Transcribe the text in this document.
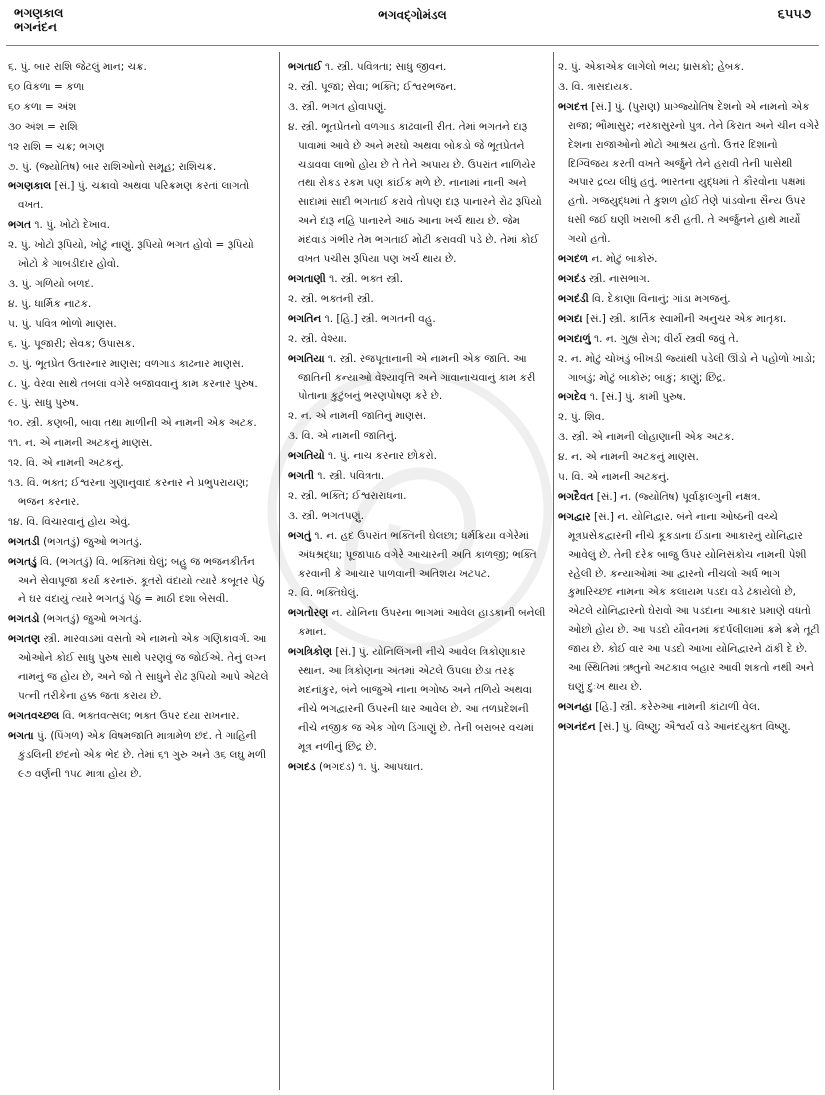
ભગણકાલ
ભગનંદન
ભગવદ્ગોમંડલ	૬૫૫૭
૬. પું. બાર રાશિ જેટલું માન; ચક્ર.
૬૦ વિકળા = કળા
૬૦ કળા = અંશ
૩૦ અંશ = રાશિ
૧૨ રાશિ = ચક્ર; ભગણ
૭. પું. (જ્યોતિષ) બાર રાશિઓનો સમૂહ; રાશિચક્ર.
ભગણકાલ [સં.] પું. ચક્રાવો અથવા પરિક્રમણ કરતાં લાગતો વખત.
ભગત ૧. પું. ખોટો દેખાવ.
૨. પું. ખોટો રૂપિયો, ખોટું નાણું. રૂપિયો ભગત હોવો = રૂપિયો ખોટો કે ગાબડીદાર હોવો.
૩. પું. ગળિયો બળદ.
૪. પું. ધાર્મિક નાટક.
૫. પું. પવિત્ર ભોળો માણસ.
૬. પું. પૂજારી; સેવક; ઉપાસક.
૭. પું. ભૂતપ્રેત ઉતારનાર માણસ; વળગાડ કાઢનાર માણસ.
૮. પું. વેરવા સાથે તબલાં વગેરે બજાવવાનું કામ કરનાર પુરુષ.
૯. પું. સાધુ પુરુષ.
૧૦. સ્ત્રી. કણબી, બાવા તથા માળીની એ નામની એક અટક.
૧૧. ન. એ નામની અટકનું માણસ.
૧૨. વિ. એ નામની અટકનું.
૧૩. વિ. ભક્ત; ઈશ્વરના ગુણાનુવાદ કરનાર ને પ્રભુપરાયણ; ભજન કરનાર.
૧૪. વિ. વિચારવાનું હોય એવું.
ભગતડી (ભગતડું) જુઓ ભગતડું.
ભગતડું વિ. (ભગતડું) વિ. ભક્તિમાં ઘેલું; બહુ જ ભજનકીર્તન અને સેવાપૂજા કર્યા કરનારું. કૂતરો વંદાયો ત્યારે કબૂતર પેઠું ને ઘર વંદાયું ત્યારે ભગતડું પેઠું = માઠી દશા બેસવી.
ભગતડો (ભગતડું) જુઓ ભગતડું.
ભગતણ સ્ત્રી. મારવાડમાં વસતો એ નામનો એક ગણિકાવર્ગ. આ ઓઓને કોઈ સાધુ પુરુષ સાથે પરણવું જ જોઈએ. તેનું લગ્ન નામનું જ હોય છે, અને જો તે સાધુને રોઢ રૂપિયો આપે એટલે પત્ની તરીકેના હક્ક જતા કરાય છે.
ભગતવચ્છલ વિ. ભક્તવત્સલ; ભક્ત ઉપર દયા રાખનાર.
ભગતા પું. (પિંગળ) એક વિષમજાતિ માત્રામેળ છંદ. તે ગાહિની કુંડલિની છંદનો એક ભેદ છે. તેમાં ૬૧ ગુરુ અને ૩૬ લઘુ મળી ૯૭ વર્ણની ૧૫૮ માત્રા હોય છે.
ભગતાઈ ૧. સ્ત્રી. પવિત્રતા; સાધુ જીવન.
૨. સ્ત્રી. પૂજા; સેવા; ભક્તિ; ઈશ્વરભજન.
૩. સ્ત્રી. ભગત હોવાપણું.
૪. સ્ત્રી. ભૂતપ્રેતનો વળગાડ કાઢવાની રીત. તેમાં ભગતને દારૂ પાવામાં આવે છે અને મરઘો અથવા બોકડો જે ભૂતપ્રેતને ચડાવવા લાભો હોય છે તે તેને અપાય છે. ઉપરાંત નાળિયેર તથા રોકડ રકમ પણ કાંઈક મળે છે. નાનામાં નાની અને સાદામાં સાદી ભગતાઈ કરાવે તોપણ દારૂ પાનારને રોઢ રૂપિયો અને દારૂ નહિ પાનારને આઠ આના ખર્ચ થાય છે. જેમ મંદવાડ ગંભીર તેમ ભગતાઈ મોટી કરાવવી પડે છે. તેમાં કોઈ વખત પચીસ રૂપિયા પણ ખર્ચ થાય છે.
ભગતાણી ૧. સ્ત્રી. ભક્ત સ્ત્રી.
૨. સ્ત્રી. ભક્તની સ્ત્રી.
ભગતિન ૧. [હિ.] સ્ત્રી. ભગતની વહુ.
૨. સ્ત્રી. વેશ્યા.
ભગતિયા ૧. સ્ત્રી. રજપૂતાનાની એ નામની એક જાતિ. આ જાતિની કન્યાઓ વેશ્યાવૃત્તિ અને ગાવાનાચવાનું કામ કરી પોતાના કુટુંબનું ભરણપોષણ કરે છે.
૨. ન. એ નામની જાતિનું માણસ.
૩. વિ. એ નામની જાતિનું.
ભગતિયો ૧. પું. નાચ કરનાર છોકરો.
ભગતી ૧. સ્ત્રી. પવિત્રતા.
૨. સ્ત્રી. ભક્તિ; ઈશ્વરારાધના.
૩. સ્ત્રી. ભગતપણું.
ભગતું ૧. ન. હદ ઉપરાંત ભક્તિની ઘેલછા; ધર્મક્રિયા વગેરેમાં અંધશ્રદ્ધા; પૂજાપાઠ વગેરે આચારની અતિ કાળજી; ભક્તિ કરવાની કે આચાર પાળવાની અતિશય ખટપટ.
૨. વિ. ભક્તિઘેલું.
ભગતોરણ ન. યોનિના ઉપરના ભાગમાં આવેલ હાડકાની બનેલી કમાન.
ભગત્રિકોણ [સં.] પું. યોનિલિંગની નીચે આવેલ ત્રિકોણાકાર સ્થાન. આ ત્રિકોણના અંતમાં એટલે ઉપલા છેડા તરફ મદનાંકુર, બંને બાજુએ નાના ભગોષ્ઠ અને તળિયે અથવા નીચે ભગદ્વારની ઉપરની ધાર આવેલ છે. આ તળપ્રદેશની નીચે નજીક જ એક ગોળ ડિંગાણું છે. તેની બરાબર વચમાં મૂત્ર નળીનું છિદ્ર છે.
ભગદડ (ભગદડ) ૧. પું. આપઘાત.
૨. પું. એકાએક લાગેલો ભય; ધ્રાસકો; હેબક.
૩. વિ. ત્રાસદાયક.
ભગદત્ત [સં.] પું. (પુરાણ) પ્રાગ્જ્યોતિષ દેશનો એ નામનો એક રાજા; ભૌમાસુર; નરકાસુરનો પુત્ર. તેને કિરાત અને ચીન વગેરે દેશના રાજાઓનો મોટો આશ્રય હતો. ઉત્તર દિશાનો દિગ્વિજય કરતી વખતે અર્જુને તેને હરાવી તેની પાસેથી અપાર દ્રવ્ય લીધું હતું. ભારતના યુદ્ધમાં તે કૌરવોના પક્ષમાં હતો. ગજયુદ્ધમાં તે કુશળ હોઈ તેણે પાંડવોના સૈન્ય ઉપર ધસી જઈ ઘણી ખરાબી કરી હતી. તે અર્જુનને હાથે માર્યો ગયો હતો.
ભગદળ ન. મોટું બાકોરું.
ભગદંડ સ્ત્રી. નાસભાગ.
ભગદંડી વિ. દેકાણા વિનાનું; ગાંડા મગજનું.
ભગદા [સં.] સ્ત્રી. કાર્તિક સ્વામીની અનુચર એક માતૃકા.
ભગદાળું ૧. ન. ગુહ્ય રોગ; વીર્ય સ્ત્રવી જવું તે.
૨. ન. મોટું ચોખંડું બીખડી જ્યાંથી પડેલી ઊંડો ને પહોળો ખાડો; ગાબડું; મોટું બાકોરું; બાકું; કાણું; છિદ્ર.
ભગદેવ ૧. [સં.] પું. કામી પુરુષ.
૨. પું. શિવ.
૩. સ્ત્રી. એ નામની લોહાણાની એક અટક.
૪. ન. એ નામની અટકનું માણસ.
૫. વિ. એ નામની અટકનું.
ભગદૈવત [સં.] ન. (જ્યોતિષ) પૂર્વાફાલ્ગુની નક્ષત્ર.
ભગદ્વાર [સં.] ન. યોનિદ્વાર. બંને નાના ઓષ્ઠની વચ્ચે મૂત્રપ્રસેકદ્વારની નીચે કૂકડાના ઈંડાના આકારનું યોનિદ્વાર આવેલું છે. તેની દરેક બાજુ ઉપર યોનિસંકોચ નામની પેશી રહેલી છે. કન્યાઓમાં આ દ્વારનો નીચલો અર્ધ ભાગ કુમારિચ્છદ નામના એક કલાયમ પડદા વડે ઢંકાયેલો છે, એટલે યોનિદ્વારનો ઘેરાવો આ પડદાના આકાર પ્રમાણે વધતો ઓછો હોય છે. આ પડદો યૌવનમાં કંદર્પલીલામાં ક્રમે ક્રમે તૂટી જાય છે. કોઈ વાર આ પડદો આખા યોનિદ્વારને ઢાંકી દે છે. આ સ્થિતિમાં ઋતુનો અટકાવ બહાર આવી શકતો નથી અને ઘણું દુઃખ થાય છે.
ભગનહા [હિ.] સ્ત્રી. કરેરુઆ નામની કાંટાળી વેલ.
ભગનંદન [સં.] પું. વિષ્ણુ; ઐશ્વર્ય વડે આનંદયુક્ત વિષ્ણુ.
